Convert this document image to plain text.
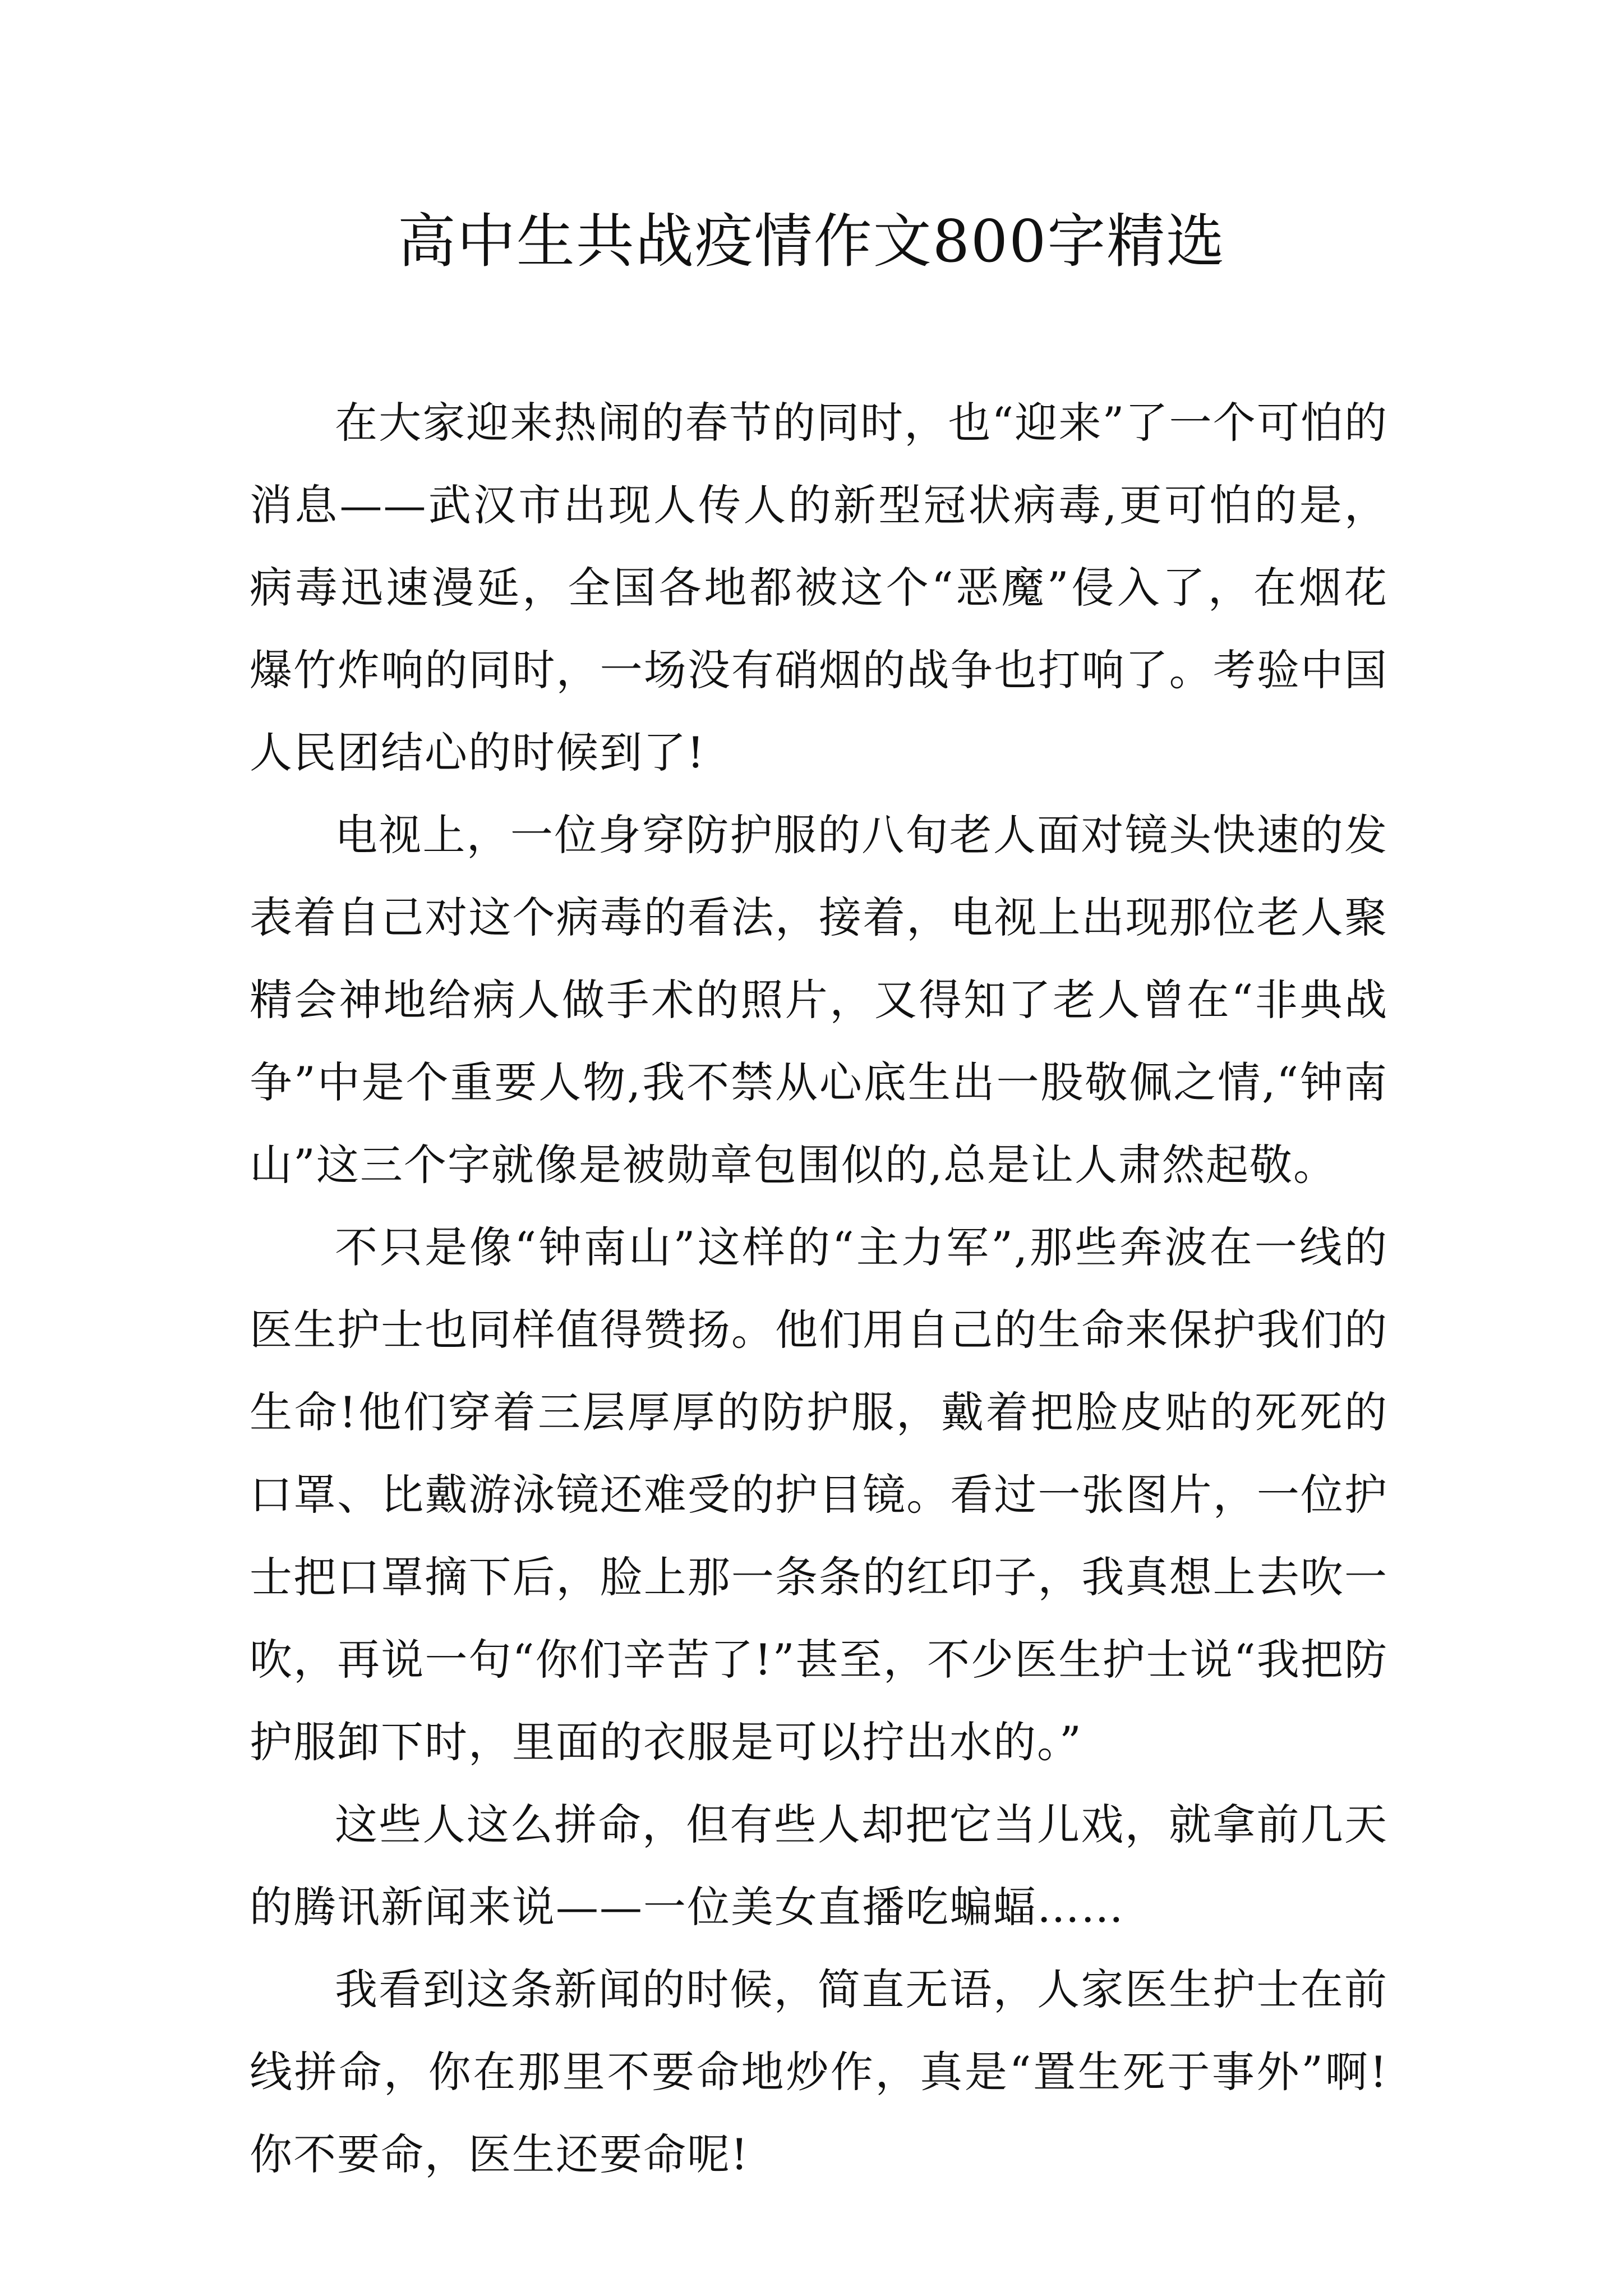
高中生共战疫情作文800字精选

在大家迎来热闹的春节的同时，也“迎来”了一个可怕的消息——武汉市出现人传人的新型冠状病毒,更可怕的是，病毒迅速漫延，全国各地都被这个“恶魔”侵入了，在烟花爆竹炸响的同时，一场没有硝烟的战争也打响了。考验中国人民团结心的时候到了!

电视上，一位身穿防护服的八旬老人面对镜头快速的发表着自己对这个病毒的看法，接着，电视上出现那位老人聚精会神地给病人做手术的照片，又得知了老人曾在“非典战争”中是个重要人物,我不禁从心底生出一股敬佩之情,“钟南山”这三个字就像是被勋章包围似的,总是让人肃然起敬。

不只是像“钟南山”这样的“主力军”,那些奔波在一线的医生护士也同样值得赞扬。他们用自己的生命来保护我们的生命!他们穿着三层厚厚的防护服，戴着把脸皮贴的死死的口罩、比戴游泳镜还难受的护目镜。看过一张图片，一位护士把口罩摘下后，脸上那一条条的红印子，我真想上去吹一吹，再说一句“你们辛苦了!”甚至，不少医生护士说“我把防护服卸下时，里面的衣服是可以拧出水的。”

这些人这么拼命，但有些人却把它当儿戏，就拿前几天的腾讯新闻来说——一位美女直播吃蝙蝠……

我看到这条新闻的时候，简直无语，人家医生护士在前线拼命，你在那里不要命地炒作，真是“置生死于事外”啊!你不要命，医生还要命呢!
